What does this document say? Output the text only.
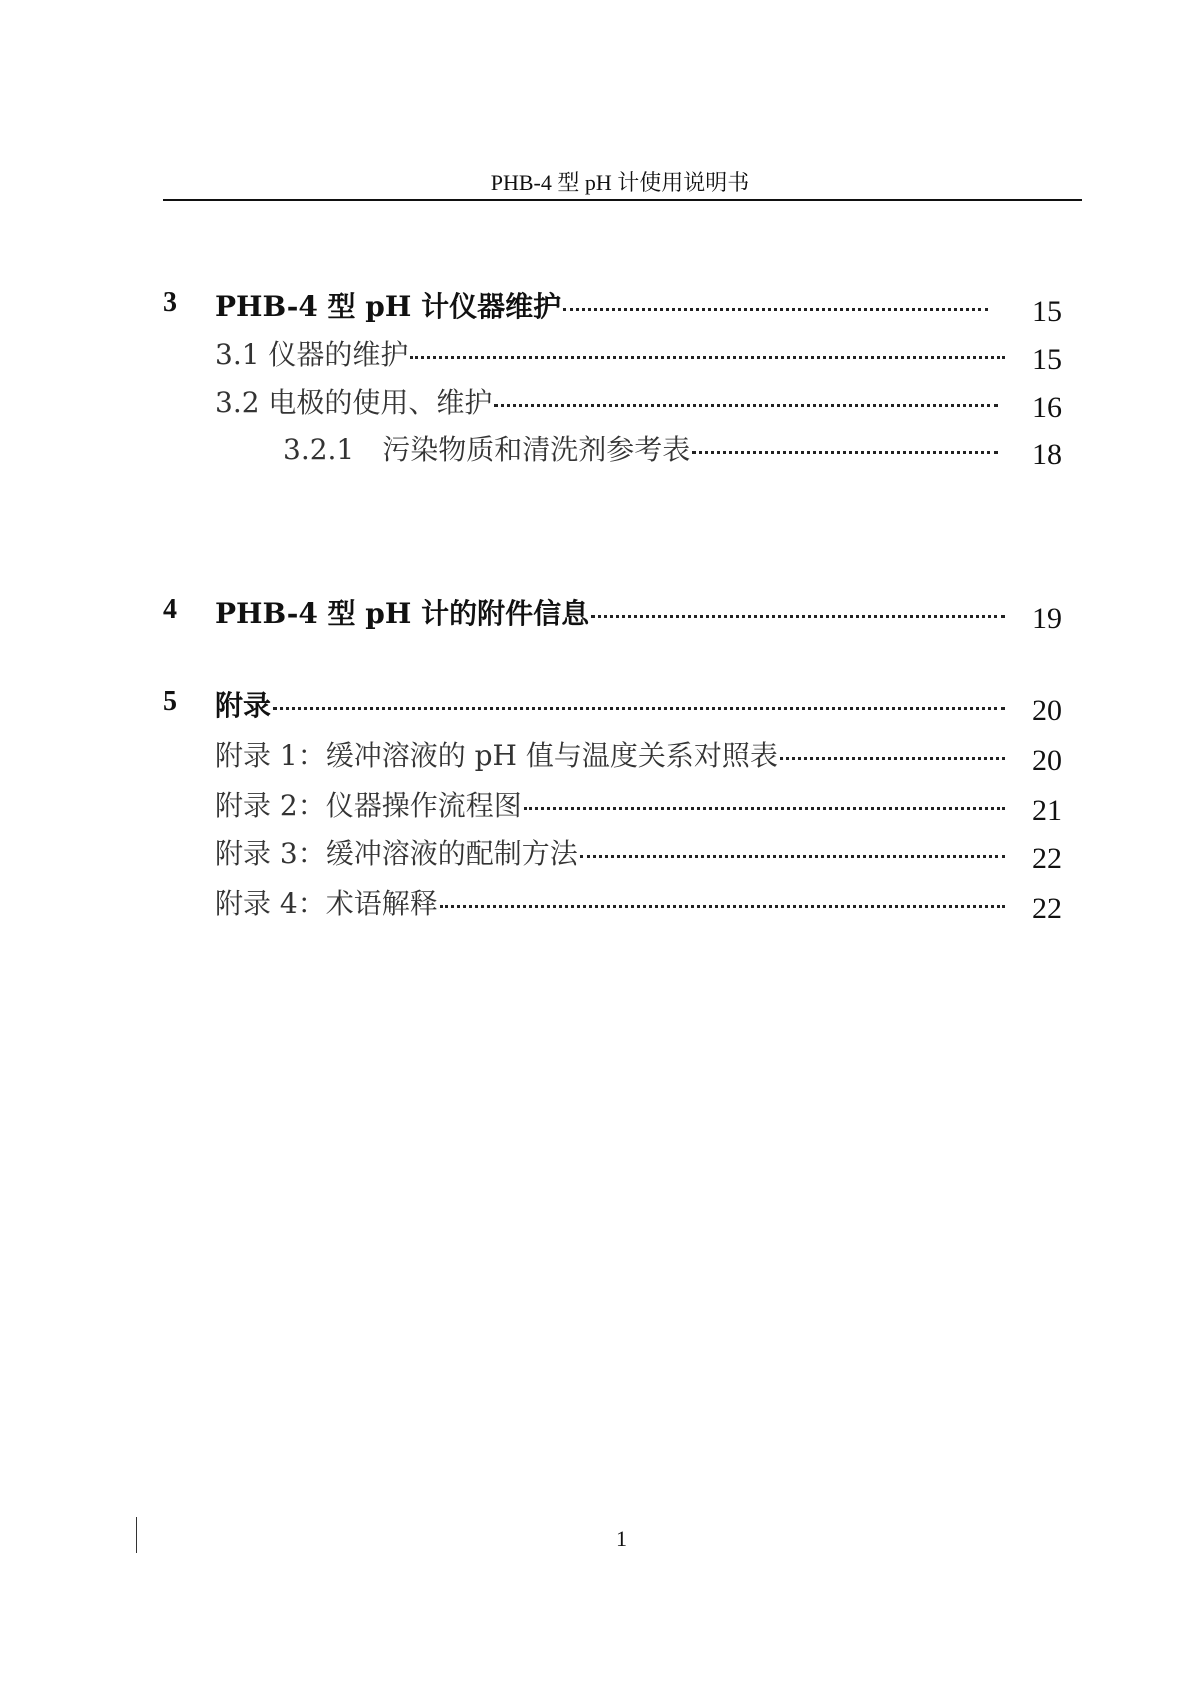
PHB-4 型 pH 计使用说明书
3 PHB-4 型 pH 计仪器维护	15
3.1 仪器的维护	15
3.2 电极的使用、维护	16
3.2.1　污染物质和清洗剂参考表	18
4 PHB-4 型 pH 计的附件信息	19
5 附录	20
附录 1：缓冲溶液的 pH 值与温度关系对照表	20
附录 2：仪器操作流程图	21
附录 3：缓冲溶液的配制方法	22
附录 4：术语解释	22
1
